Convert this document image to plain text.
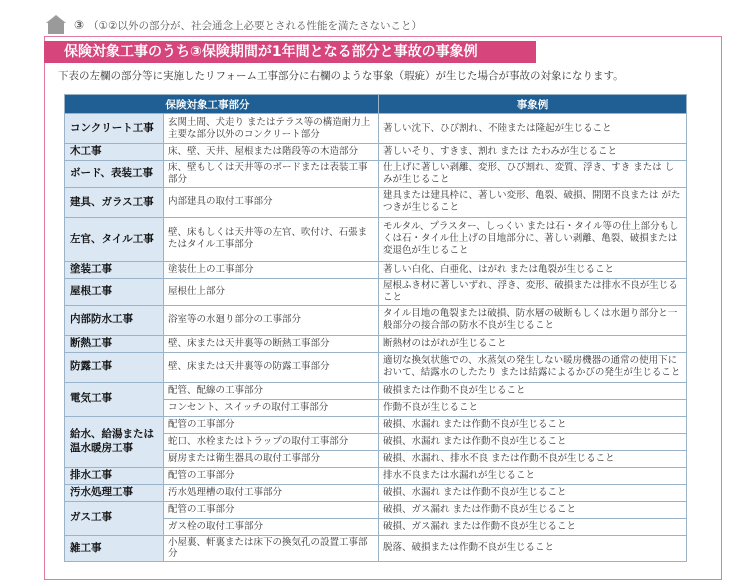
③ （①②以外の部分が、社会通念上必要とされる性能を満たさないこと）
保険対象工事のうち③保険期間が1年間となる部分と事故の事象例
下表の左欄の部分等に実施したリフォーム工事部分に右欄のような事象（瑕疵）が生じた場合が事故の対象になります。
	保険対象工事部分	事象例
コンクリート工事	玄関土間、犬走り またはテラス等の構造耐力上主要な部分以外のコンクリート部分	著しい沈下、ひび割れ、不陸または隆起が生じること
木工事	床、壁、天井、屋根または階段等の木造部分	著しいそり、すきま、割れ または たわみが生じること
ボード、表装工事	床、壁もしくは天井等のボードまたは表装工事部分	仕上げに著しい剥離、変形、ひび割れ、変質、浮き、すき または しみが生じること
建具、ガラス工事	内部建具の取付工事部分	建具または建具枠に、著しい変形、亀裂、破損、開閉不良または がたつきが生じること
左官、タイル工事	壁、床もしくは天井等の左官、吹付け、石張またはタイル工事部分	モルタル、プラスター、しっくい または石・タイル等の仕上部分もしくは石・タイル仕上げの目地部分に、著しい剥離、亀裂、破損または変退色が生じること
塗装工事	塗装仕上の工事部分	著しい白化、白亜化、はがれ または亀裂が生じること
屋根工事	屋根仕上部分	屋根ふき材に著しいずれ、浮き、変形、破損または排水不良が生じること
内部防水工事	浴室等の水廻り部分の工事部分	タイル目地の亀裂または破損、防水層の破断もしくは水廻り部分と一般部分の接合部の防水不良が生じること
断熱工事	壁、床または天井裏等の断熱工事部分	断熱材のはがれが生じること
防露工事	壁、床または天井裏等の防露工事部分	適切な換気状態での、水蒸気の発生しない暖房機器の通常の使用下において、結露水のしたたり または結露によるかびの発生が生じること
電気工事	配管、配線の工事部分	破損または作動不良が生じること
	コンセント、スイッチの取付工事部分	作動不良が生じること
給水、給湯または温水暖房工事	配管の工事部分	破損、水漏れ または作動不良が生じること
	蛇口、水栓またはトラップの取付工事部分	破損、水漏れ または作動不良が生じること
	厨房または衛生器具の取付工事部分	破損、水漏れ、排水不良 または作動不良が生じること
排水工事	配管の工事部分	排水不良または水漏れが生じること
汚水処理工事	汚水処理槽の取付工事部分	破損、水漏れ または作動不良が生じること
ガス工事	配管の工事部分	破損、ガス漏れ または作動不良が生じること
	ガス栓の取付工事部分	破損、ガス漏れ または作動不良が生じること
雑工事	小屋裏、軒裏または床下の換気孔の設置工事部分	脱落、破損または作動不良が生じること
